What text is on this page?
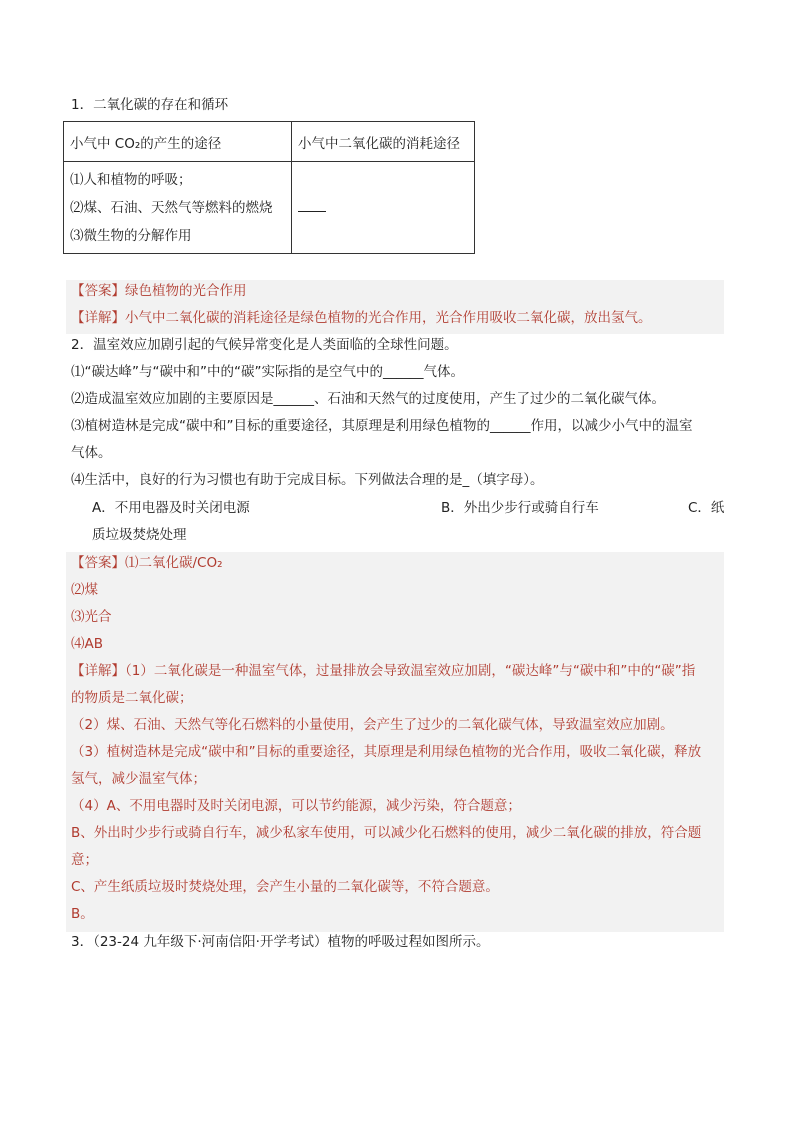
1．二氧化碳的存在和循环
小气中 CO₂的产生的途径	小气中二氧化碳的消耗途径

⑴人和植物的呼吸；
⑵煤、石油、天然气等燃料的燃烧
⑶微生物的分解作用	

【答案】绿色植物的光合作用
【详解】小气中二氧化碳的消耗途径是绿色植物的光合作用，光合作用吸收二氧化碳，放出氢气。
2．温室效应加剧引起的气候异常变化是人类面临的全球性问题。
⑴“碳达峰”与“碳中和”中的“碳”实际指的是空气中的______气体。
⑵造成温室效应加剧的主要原因是______、石油和天然气的过度使用，产生了过少的二氧化碳气体。
⑶植树造林是完成“碳中和”目标的重要途径，其原理是利用绿色植物的______作用，以减少小气中的温室
气体。
⑷生活中，良好的行为习惯也有助于完成目标。下列做法合理的是_（填字母）。
A．不用电器及时关闭电源	B．外出少步行或骑自行车	C．纸
质垃圾焚烧处理
【答案】⑴二氧化碳/CO₂
⑵煤
⑶光合
⑷AB
【详解】（1）二氧化碳是一种温室气体，过量排放会导致温室效应加剧，“碳达峰”与“碳中和”中的“碳”指
的物质是二氧化碳；
（2）煤、石油、天然气等化石燃料的小量使用，会产生了过少的二氧化碳气体，导致温室效应加剧。
（3）植树造林是完成“碳中和”目标的重要途径，其原理是利用绿色植物的光合作用，吸收二氧化碳，释放
氢气，减少温室气体；
（4）A、不用电器时及时关闭电源，可以节约能源，减少污染，符合题意；
B、外出时少步行或骑自行车，减少私家车使用，可以减少化石燃料的使用，减少二氧化碳的排放，符合题
意；
C、产生纸质垃圾时焚烧处理，会产生小量的二氧化碳等，不符合题意。
B。
3．（23-24 九年级下·河南信阳·开学考试）植物的呼吸过程如图所示。
